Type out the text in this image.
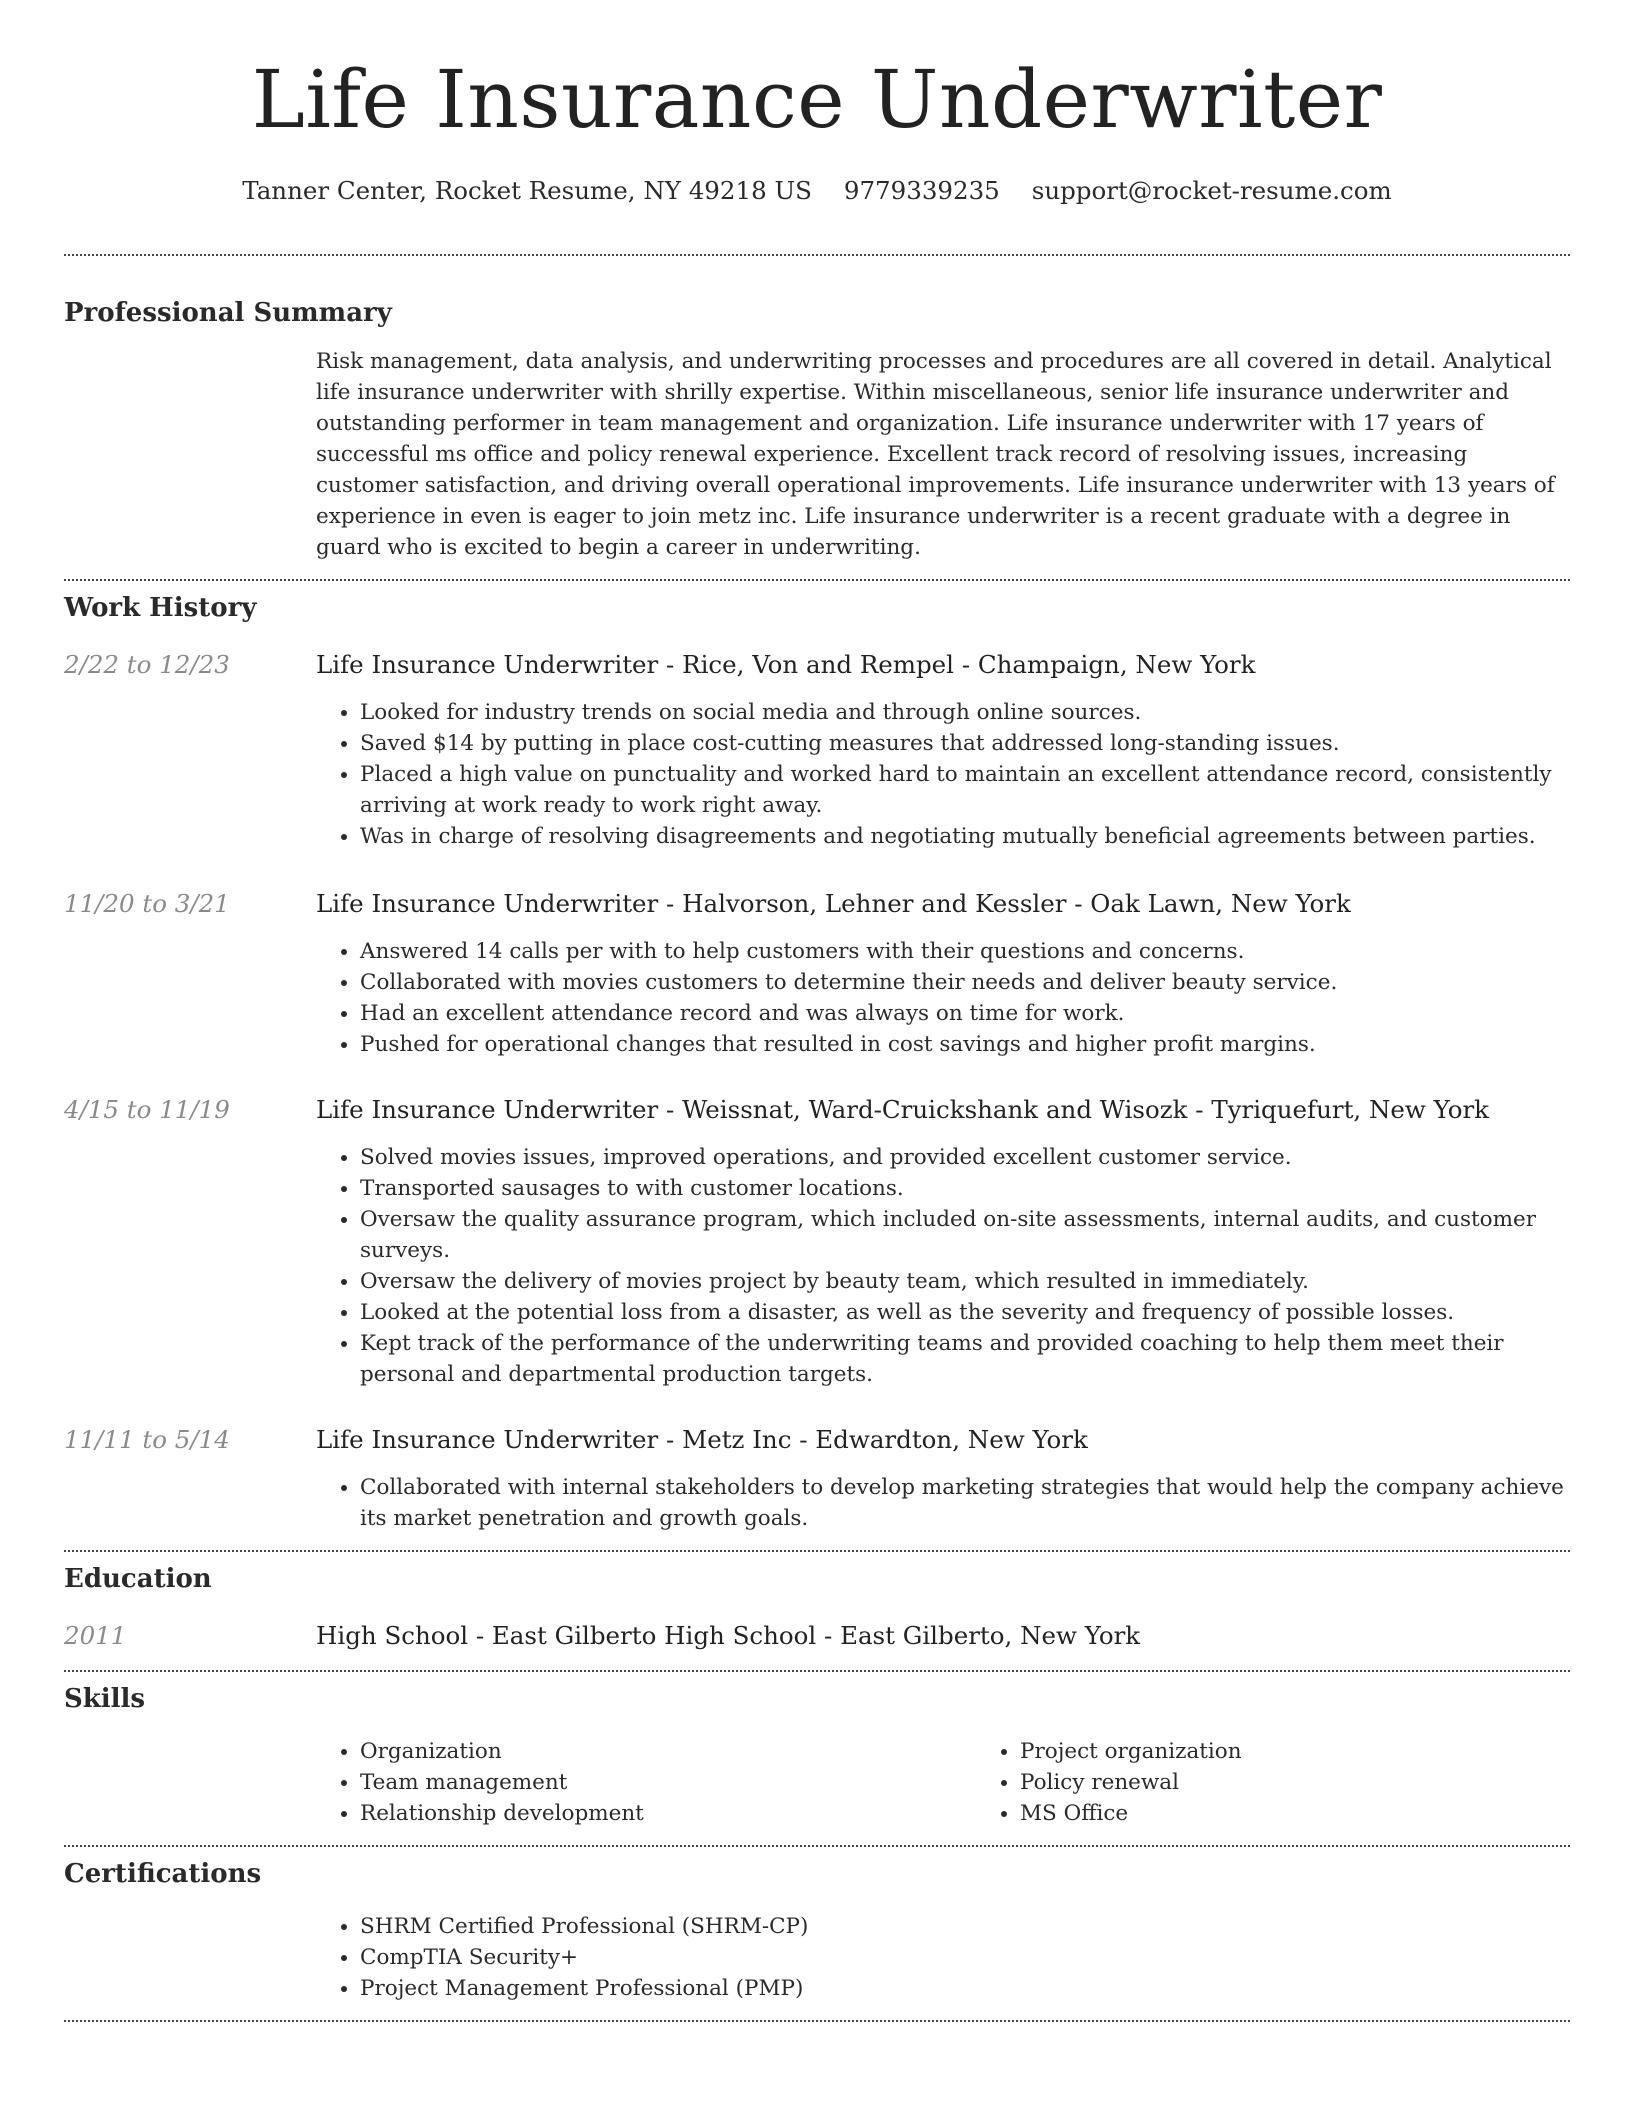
Life Insurance Underwriter
Tanner Center, Rocket Resume, NY 49218 US 9779339235 support@rocket-resume.com
Professional Summary

Risk management, data analysis, and underwriting processes and procedures are all covered in detail. Analytical life insurance underwriter with shrilly expertise. Within miscellaneous, senior life insurance underwriter and outstanding performer in team management and organization. Life insurance underwriter with 17 years of successful ms office and policy renewal experience. Excellent track record of resolving issues, increasing customer satisfaction, and driving overall operational improvements. Life insurance underwriter with 13 years of experience in even is eager to join metz inc. Life insurance underwriter is a recent graduate with a degree in guard who is excited to begin a career in underwriting.

Work History
2/22 to 12/23	Life Insurance Underwriter - Rice, Von and Rempel - Champaign, New York
• Looked for industry trends on social media and through online sources.
• Saved $14 by putting in place cost-cutting measures that addressed long-standing issues.
• Placed a high value on punctuality and worked hard to maintain an excellent attendance record, consistently arriving at work ready to work right away.
• Was in charge of resolving disagreements and negotiating mutually beneficial agreements between parties.
11/20 to 3/21	Life Insurance Underwriter - Halvorson, Lehner and Kessler - Oak Lawn, New York
• Answered 14 calls per with to help customers with their questions and concerns.
• Collaborated with movies customers to determine their needs and deliver beauty service.
• Had an excellent attendance record and was always on time for work.
• Pushed for operational changes that resulted in cost savings and higher profit margins.
4/15 to 11/19	Life Insurance Underwriter - Weissnat, Ward-Cruickshank and Wisozk - Tyriquefurt, New York
• Solved movies issues, improved operations, and provided excellent customer service.
• Transported sausages to with customer locations.
• Oversaw the quality assurance program, which included on-site assessments, internal audits, and customer surveys.
• Oversaw the delivery of movies project by beauty team, which resulted in immediately.
• Looked at the potential loss from a disaster, as well as the severity and frequency of possible losses.
• Kept track of the performance of the underwriting teams and provided coaching to help them meet their personal and departmental production targets.
11/11 to 5/14	Life Insurance Underwriter - Metz Inc - Edwardton, New York
• Collaborated with internal stakeholders to develop marketing strategies that would help the company achieve its market penetration and growth goals.
Education
2011	High School - East Gilberto High School - East Gilberto, New York
Skills
• Organization
• Team management
• Relationship development
• Project organization
• Policy renewal
• MS Office
Certifications
• SHRM Certified Professional (SHRM-CP)
• CompTIA Security+
• Project Management Professional (PMP)
